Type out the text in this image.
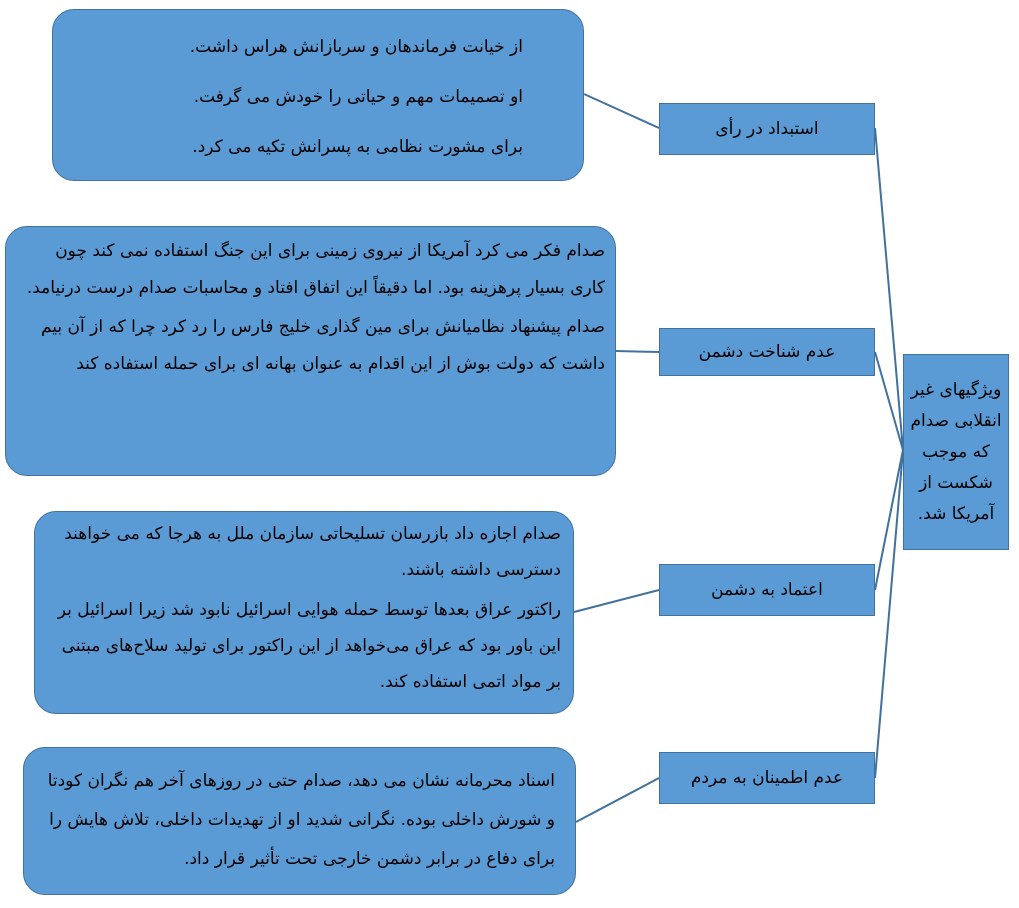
ویژگیهای غیر انقلابی صدام که موجب شکست از آمریکا شد.
استبداد در رأی

از خیانت فرماندهان و سربازانش هراس داشت.

او تصمیمات مهم و حیاتی را خودش می گرفت.

برای مشورت نظامی به پسرانش تکیه می کرد.

عدم شناخت دشمن

صدام فکر می کرد آمریکا از نیروی زمینی برای این جنگ استفاده نمی کند چون کاری بسیار پرهزینه بود. اما دقیقاً این اتفاق افتاد و محاسبات صدام درست درنیامد.

صدام پیشنهاد نظامیانش برای مین گذاری خلیج فارس را رد کرد چرا که از آن بیم داشت که دولت بوش از این اقدام به عنوان بهانه ای برای حمله استفاده کند

اعتماد به دشمن

صدام اجازه داد بازرسان تسلیحاتی سازمان ملل به هرجا که می خواهند دسترسی داشته باشند.

راکتور عراق بعدها توسط حمله هوایی اسرائیل نابود شد زیرا اسرائیل بر این باور بود که عراق می‌خواهد از این راکتور برای تولید سلاح‌های مبتنی بر مواد اتمی استفاده کند.

عدم اطمینان به مردم

اسناد محرمانه نشان می دهد، صدام حتی در روزهای آخر هم نگران کودتا و شورش داخلی بوده. نگرانی شدید او از تهدیدات داخلی، تلاش هایش را برای دفاع در برابر دشمن خارجی تحت تأثیر قرار داد.
